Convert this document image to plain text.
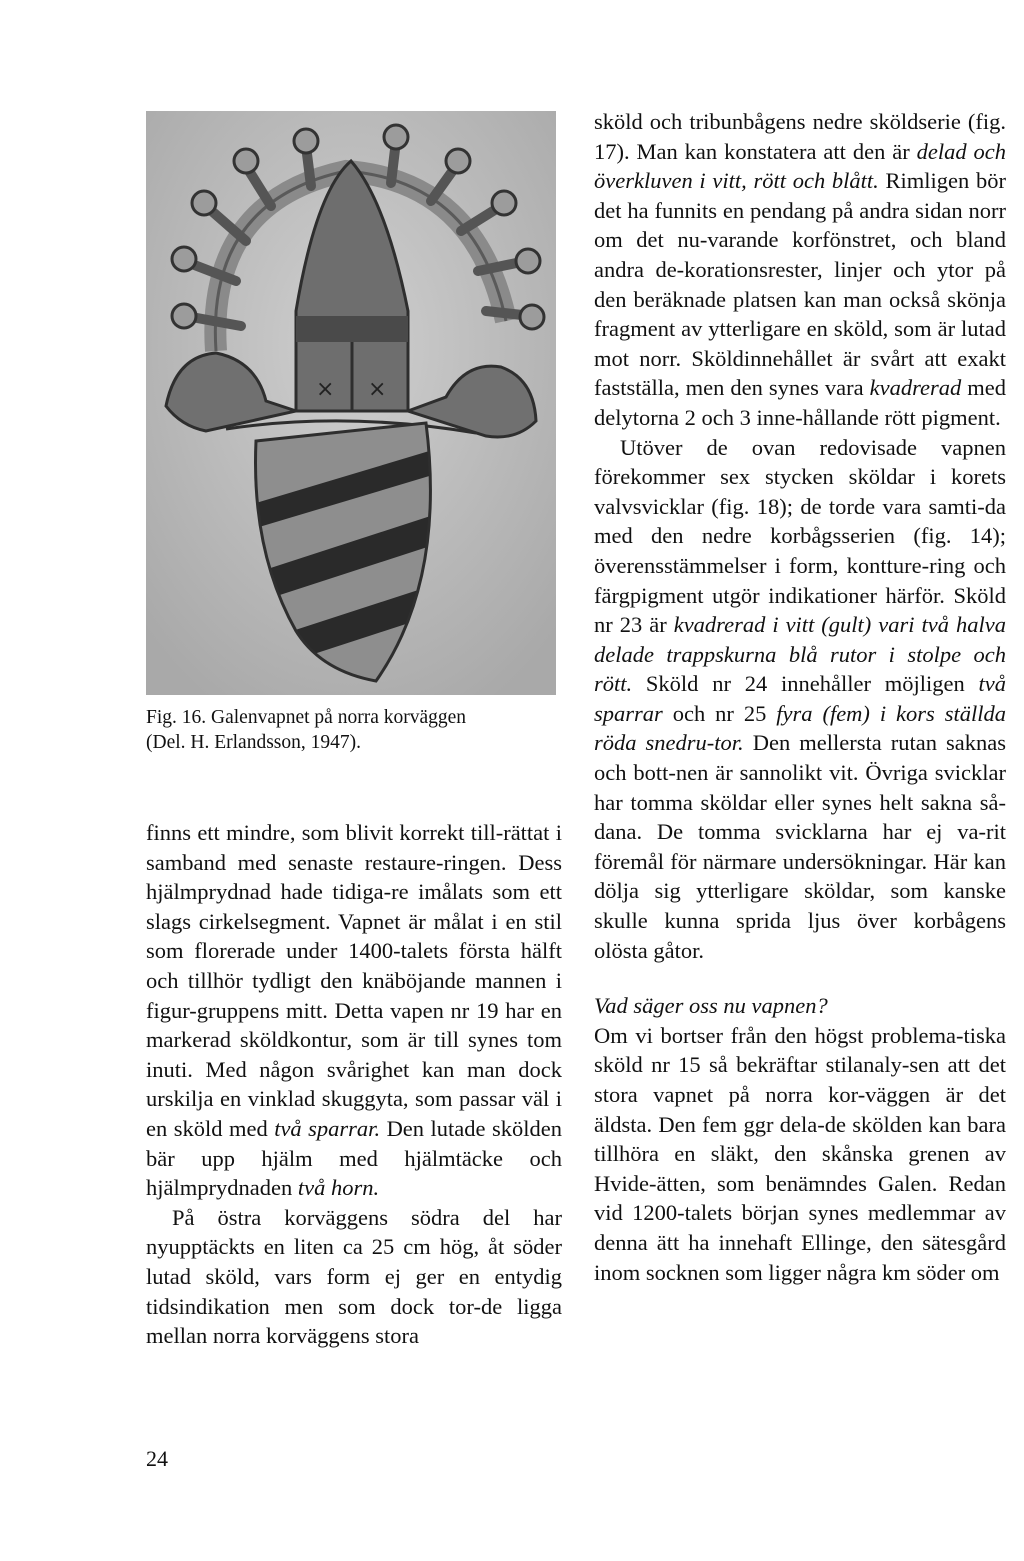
× ×

Fig. 16. Galenvapnet på norra korväggen

(Del. H. Erlandsson, 1947).

finns ett mindre, som blivit korrekt till-rättat i samband med senaste restaure-ringen. Dess hjälmprydnad hade tidiga-re imålats som ett slags cirkelsegment. Vapnet är målat i en stil som florerade under 1400-talets första hälft och tillhör tydligt den knäböjande mannen i figur-gruppens mitt. Detta vapen nr 19 har en markerad sköldkontur, som är till synes tom inuti. Med någon svårighet kan man dock urskilja en vinklad skuggyta, som passar väl i en sköld med två sparrar. Den lutade skölden bär upp hjälm med hjälmtäcke och hjälmprydnaden två horn.

På östra korväggens södra del har nyupptäckts en liten ca 25 cm hög, åt söder lutad sköld, vars form ej ger en entydig tidsindikation men som dock tor-de ligga mellan norra korväggens stora

sköld och tribunbågens nedre sköldserie (fig. 17). Man kan konstatera att den är delad och överkluven i vitt, rött och blått. Rimligen bör det ha funnits en pendang på andra sidan norr om det nu-varande korfönstret, och bland andra de-korationsrester, linjer och ytor på den beräknade platsen kan man också skönja fragment av ytterligare en sköld, som är lutad mot norr. Sköldinnehållet är svårt att exakt fastställa, men den synes vara kvadrerad med delytorna 2 och 3 inne-hållande rött pigment.

Utöver de ovan redovisade vapnen förekommer sex stycken sköldar i korets valvsvicklar (fig. 18); de torde vara samti-da med den nedre korbågsserien (fig. 14); överensstämmelser i form, kontture-ring och färgpigment utgör indikationer härför. Sköld nr 23 är kvadrerad i vitt (gult) vari två halva delade trappskurna blå rutor i stolpe och rött. Sköld nr 24 innehåller möjligen två sparrar och nr 25 fyra (fem) i kors ställda röda snedru-tor. Den mellersta rutan saknas och bott-nen är sannolikt vit. Övriga svicklar har tomma sköldar eller synes helt sakna så-dana. De tomma svicklarna har ej va-rit föremål för närmare undersökningar. Här kan dölja sig ytterligare sköldar, som kanske skulle kunna sprida ljus över korbågens olösta gåtor.

Vad säger oss nu vapnen?

Om vi bortser från den högst problema-tiska sköld nr 15 så bekräftar stilanaly-sen att det stora vapnet på norra kor-väggen är det äldsta. Den fem ggr dela-de skölden kan bara tillhöra en släkt, den skånska grenen av Hvide-ätten, som benämndes Galen. Redan vid 1200-talets början synes medlemmar av denna ätt ha innehaft Ellinge, den sätesgård inom socknen som ligger några km söder om

24
